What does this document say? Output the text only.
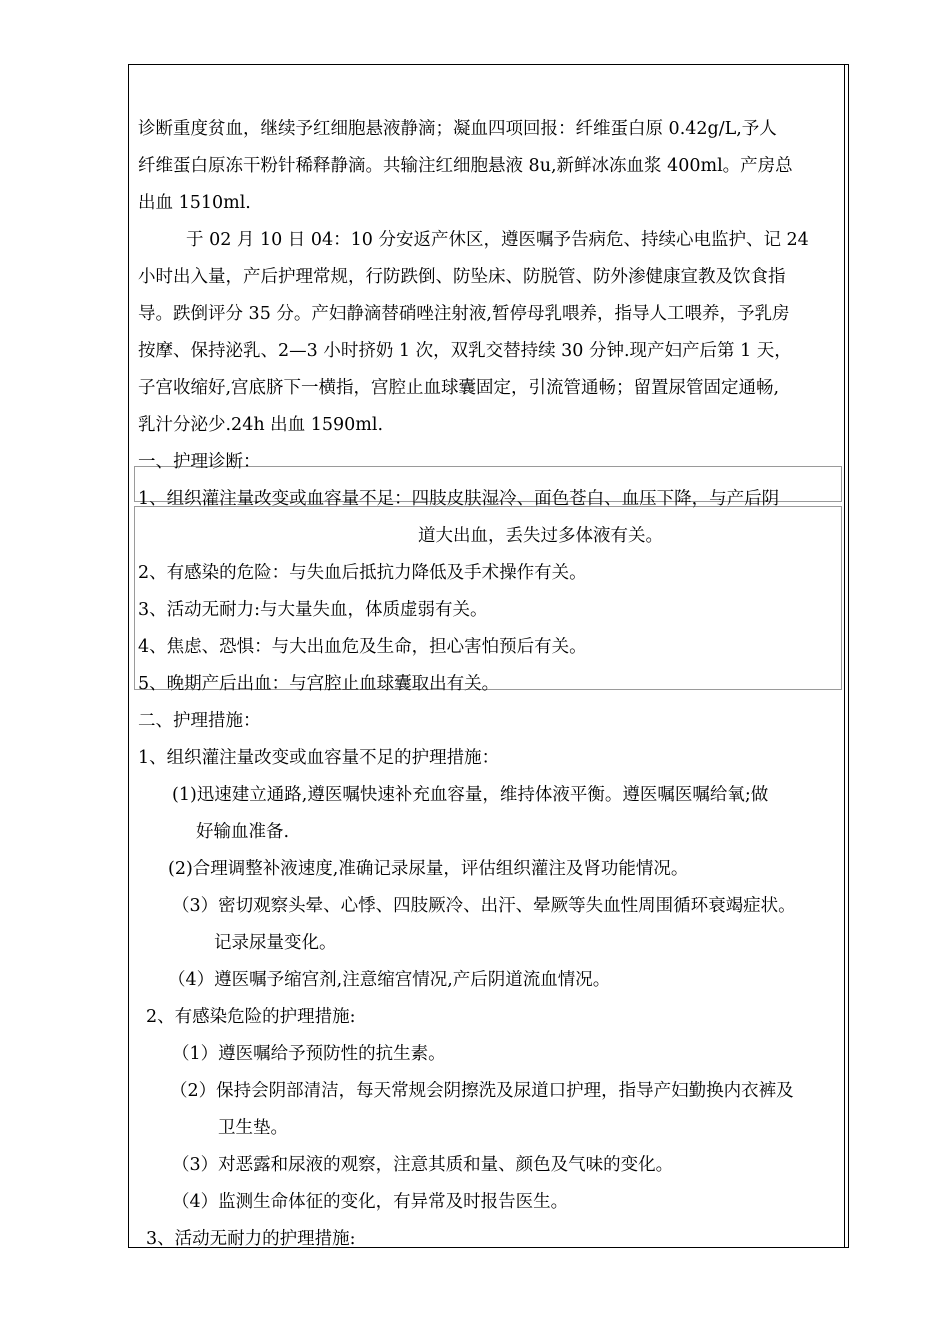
诊断重度贫血，继续予红细胞悬液静滴；凝血四项回报：纤维蛋白原 0.42g/L,予人
纤维蛋白原冻干粉针稀释静滴。共输注红细胞悬液 8u,新鲜冰冻血浆 400ml。产房总
出血 1510ml.
于 02 月 10 日 04：10 分安返产休区，遵医嘱予告病危、持续心电监护、记 24
小时出入量，产后护理常规，行防跌倒、防坠床、防脱管、防外渗健康宣教及饮食指
导。跌倒评分 35 分。产妇静滴替硝唑注射液,暂停母乳喂养，指导人工喂养，予乳房
按摩、保持泌乳、2—3 小时挤奶 1 次，双乳交替持续 30 分钟.现产妇产后第 1 天，
子宫收缩好,宫底脐下一横指，宫腔止血球囊固定，引流管通畅；留置尿管固定通畅,
乳汁分泌少.24h 出血 1590ml.
一、护理诊断：
1、组织灌注量改变或血容量不足：四肢皮肤湿冷、面色苍白、血压下降，与产后阴
道大出血，丢失过多体液有关。
2、有感染的危险：与失血后抵抗力降低及手术操作有关。
3、活动无耐力:与大量失血，体质虚弱有关。
4、焦虑、恐惧：与大出血危及生命，担心害怕预后有关。
5、晚期产后出血：与宫腔止血球囊取出有关。
二、护理措施：
1、组织灌注量改变或血容量不足的护理措施：
(1)迅速建立通路,遵医嘱快速补充血容量，维持体液平衡。遵医嘱医嘱给氧;做
好输血准备.
(2)合理调整补液速度,准确记录尿量，评估组织灌注及肾功能情况。
（3）密切观察头晕、心悸、四肢厥冷、出汗、晕厥等失血性周围循环衰竭症状。
记录尿量变化。
（4）遵医嘱予缩宫剂,注意缩宫情况,产后阴道流血情况。
2、有感染危险的护理措施:
（1）遵医嘱给予预防性的抗生素。
（2）保持会阴部清洁，每天常规会阴擦洗及尿道口护理，指导产妇勤换内衣裤及
卫生垫。
（3）对恶露和尿液的观察，注意其质和量、颜色及气味的变化。
（4）监测生命体征的变化，有异常及时报告医生。
3、活动无耐力的护理措施:
